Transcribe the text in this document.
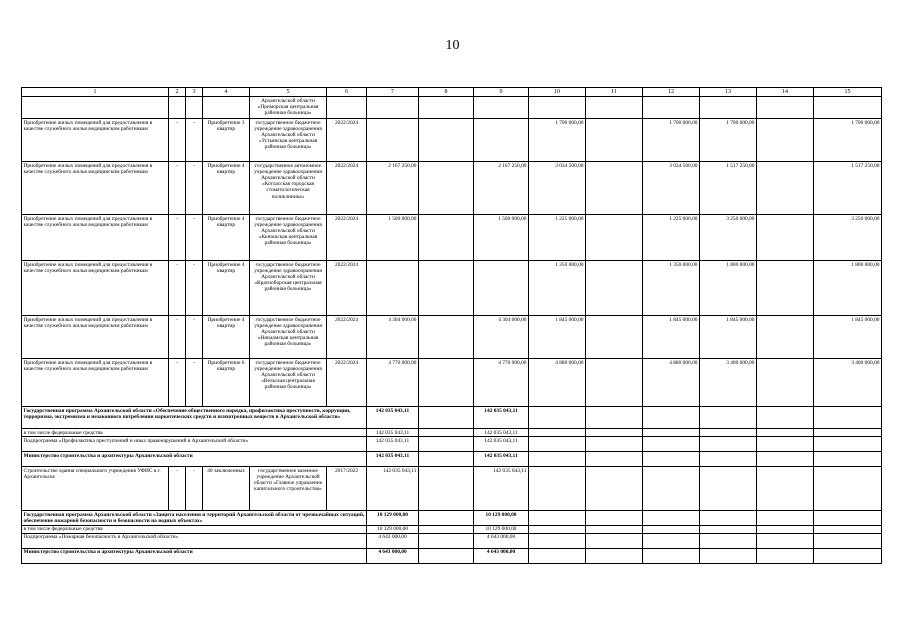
10
1	2	3	4	5	6	7	8	9	10	11	12	13	14	15
				Архангельской области «Приморская центральная районная больница»										
Приобретение жилых помещений для предоставления в качестве служебного жилья медицинским работникам	-	-	Приобретение 3 квартир	государственное бюджетное учреждение здравоохранения Архангельской области «Устьянская центральная районная больница»	2022/2024				1 700 000,00		1 700 000,00	1 700 000,00		1 700 000,00
Приобретение жилых помещений для предоставления в качестве служебного жилья медицинским работникам	-	-	Приобретение 4 квартир	государственное автономное учреждение здравоохранения Архангельской области «Котласская городская стоматологическая поликлиника»	2022/2024	2 167 250,00		2 167 250,00	3 034 500,00		3 034 500,00	1 517 250,00		1 517 250,00
Приобретение жилых помещений для предоставления в качестве служебного жилья медицинским работникам	-	-	Приобретение 4 квартир	государственное бюджетное учреждение здравоохранения Архангельской области «Коношская центральная районная больница»	2022/2024	1 500 000,00		1 500 000,00	1 225 000,00		1 225 000,00	3 250 000,00		3 250 000,00
Приобретение жилых помещений для предоставления в качестве служебного жилья медицинским работникам	-	-	Приобретение 4 квартир	государственное бюджетное учреждение здравоохранения Архангельской области «Красноборская центральная районная больница»	2022/2024				1 350 000,00		1 350 000,00	1 800 000,00		1 800 000,00
Приобретение жилых помещений для предоставления в качестве служебного жилья медицинским работникам	-	-	Приобретение 4 квартир	государственное бюджетное учреждение здравоохранения Архангельской области «Няндомская центральная районная больница»	2022/2024	4 304 000,00		4 304 000,00	1 845 000,00		1 845 000,00	1 845 000,00		1 845 000,00
Приобретение жилых помещений для предоставления в качестве служебного жилья медицинским работникам	-	-	Приобретение 6 квартир	государственное бюджетное учреждение здравоохранения Архангельской области «Вельская центральная районная больница»	2022/2024	4 770 000,00		4 770 000,00	4 880 000,00		4 880 000,00	3 400 000,00		3 400 000,00
Государственная программа Архангельской области «Обеспечение общественного порядка, профилактика преступности, коррупции, терроризма, экстремизма и незаконного потребления наркотических средств и психотропных веществ в Архангельской области»						142 035 043,11		142 035 043,11						
в том числе федеральные средства						142 035 043,11		142 035 043,11						
Подпрограмма «Профилактика преступлений и иных правонарушений в Архангельской области»						142 035 043,11		142 035 043,11						
Министерство строительства и архитектуры Архангельской области						142 035 043,11		142 035 043,11						
Строительство здания специального учреждения УФИС в г. Архангельске	-	-	40 заключенных	государственное казенное учреждение Архангельской области «Главное управление капитального строительства»	2017/2022	142 035 043,11		142 035 043,11						
Государственная программа Архангельской области «Защита населения и территорий Архангельской области от чрезвычайных ситуаций, обеспечение пожарной безопасности и безопасности на водных объектах»						10 129 000,00		10 129 000,00						
в том числе федеральные средства						10 129 000,00		10 129 000,00						
Подпрограмма «Пожарная безопасность в Архангельской области»						4 643 000,00		4 643 000,00						
Министерство строительства и архитектуры Архангельской области						4 643 000,00		4 643 000,00						
